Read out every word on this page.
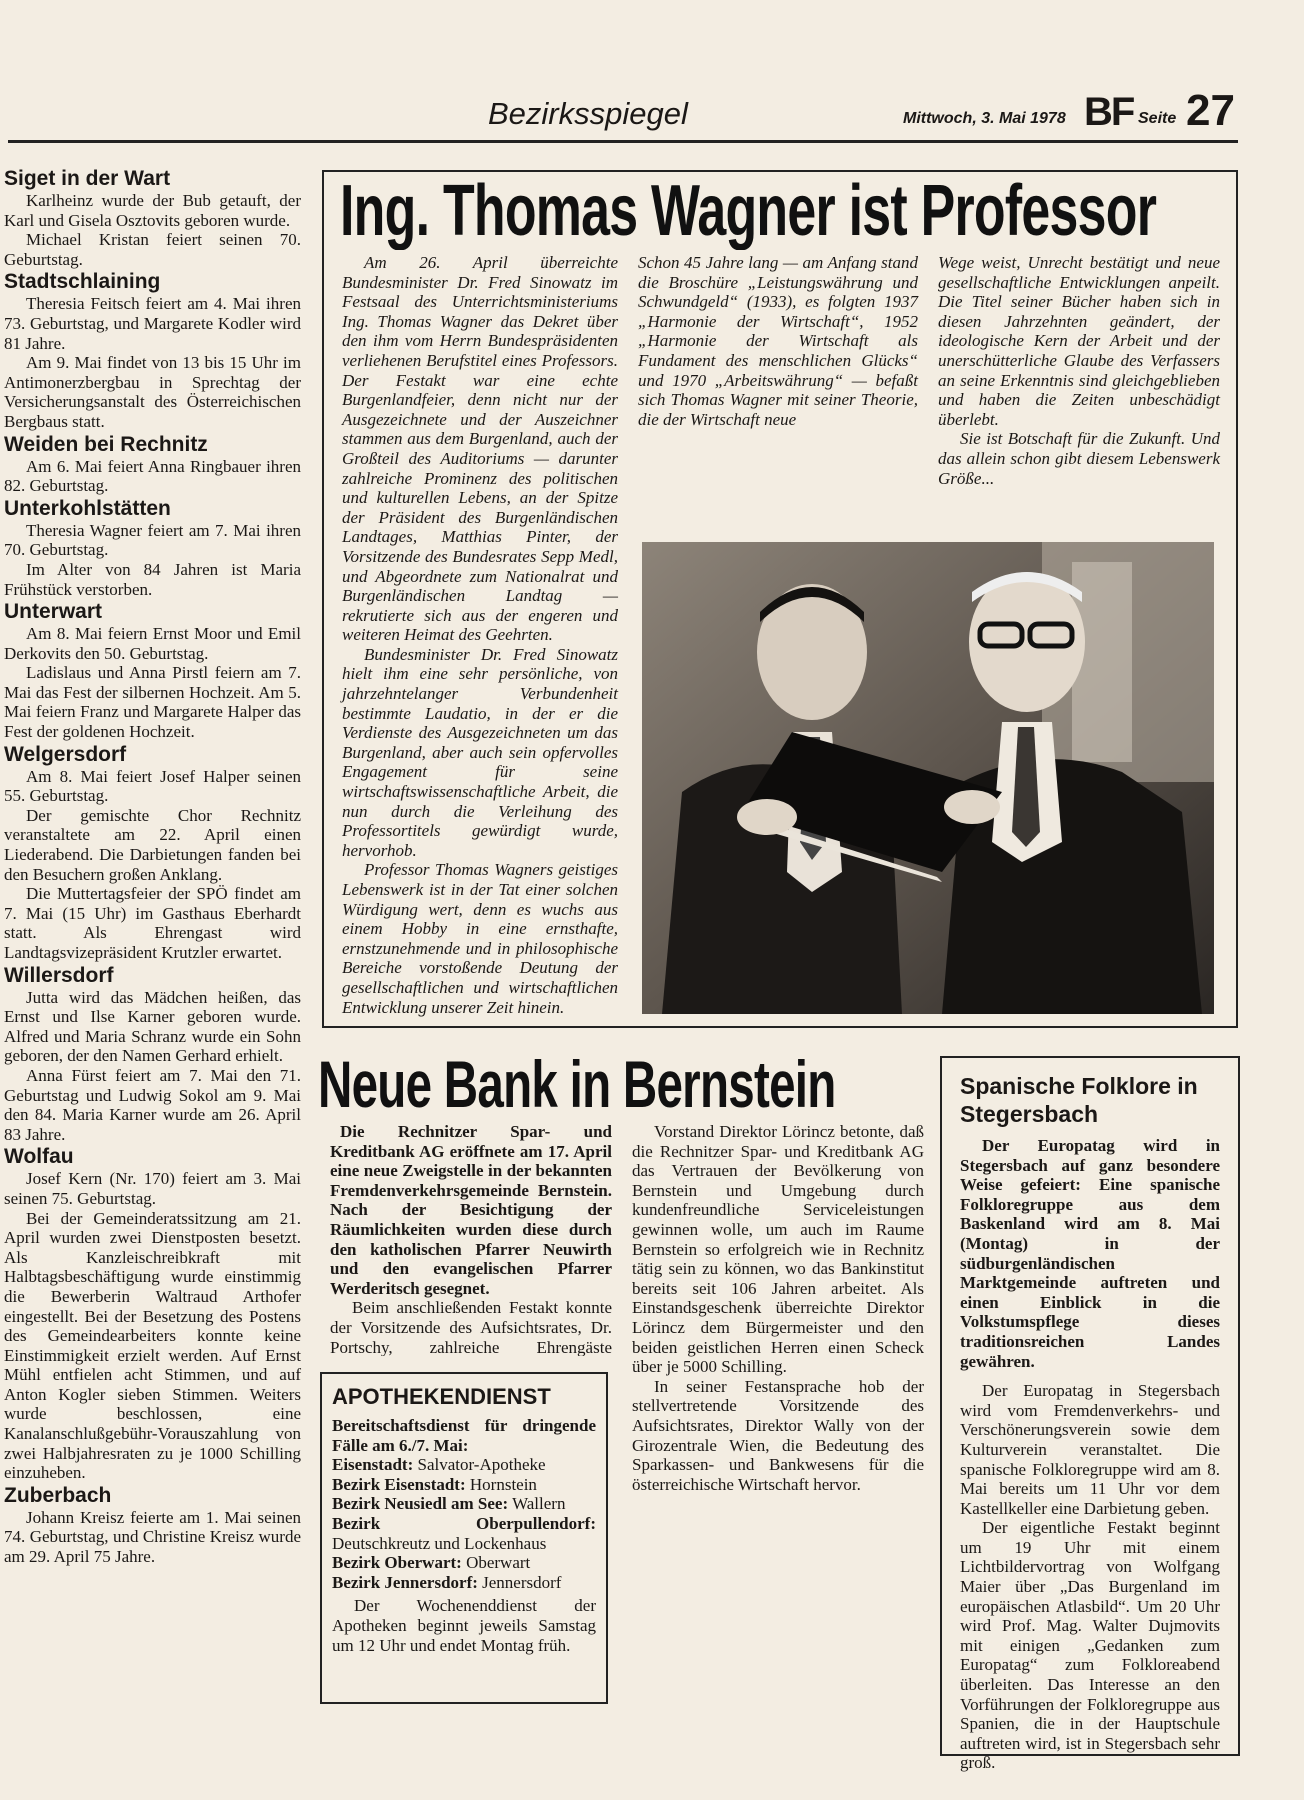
Bezirksspiegel	Mittwoch, 3. Mai 1978 BF Seite 27
Siget in der Wart

Karlheinz wurde der Bub getauft, der Karl und Gisela Osztovits geboren wurde.

Michael Kristan feiert seinen 70. Geburtstag.

Stadtschlaining

Theresia Feitsch feiert am 4. Mai ihren 73. Geburtstag, und Margarete Kodler wird 81 Jahre.

Am 9. Mai findet von 13 bis 15 Uhr im Antimonerzbergbau in Sprechtag der Versicherungsanstalt des Österreichischen Bergbaus statt.

Weiden bei Rechnitz

Am 6. Mai feiert Anna Ringbauer ihren 82. Geburtstag.

Unterkohlstätten

Theresia Wagner feiert am 7. Mai ihren 70. Geburtstag.

Im Alter von 84 Jahren ist Maria Frühstück verstorben.

Unterwart

Am 8. Mai feiern Ernst Moor und Emil Derkovits den 50. Geburtstag.

Ladislaus und Anna Pirstl feiern am 7. Mai das Fest der silbernen Hochzeit. Am 5. Mai feiern Franz und Margarete Halper das Fest der goldenen Hochzeit.

Welgersdorf

Am 8. Mai feiert Josef Halper seinen 55. Geburtstag.

Der gemischte Chor Rechnitz veranstaltete am 22. April einen Liederabend. Die Darbietungen fanden bei den Besuchern großen Anklang.

Die Muttertagsfeier der SPÖ findet am 7. Mai (15 Uhr) im Gasthaus Eberhardt statt. Als Ehrengast wird Landtagsvizepräsident Krutzler erwartet.

Willersdorf

Jutta wird das Mädchen heißen, das Ernst und Ilse Karner geboren wurde. Alfred und Maria Schranz wurde ein Sohn geboren, der den Namen Gerhard erhielt.

Anna Fürst feiert am 7. Mai den 71. Geburtstag und Ludwig Sokol am 9. Mai den 84. Maria Karner wurde am 26. April 83 Jahre.

Wolfau

Josef Kern (Nr. 170) feiert am 3. Mai seinen 75. Geburtstag.

Bei der Gemeinderatssitzung am 21. April wurden zwei Dienstposten besetzt. Als Kanzleischreibkraft mit Halbtagsbeschäftigung wurde einstimmig die Bewerberin Waltraud Arthofer eingestellt. Bei der Besetzung des Postens des Gemeindearbeiters konnte keine Einstimmigkeit erzielt werden. Auf Ernst Mühl entfielen acht Stimmen, und auf Anton Kogler sieben Stimmen. Weiters wurde beschlossen, eine Kanalanschlußgebühr-Vorauszahlung von zwei Halbjahresraten zu je 1000 Schilling einzuheben.

Zuberbach

Johann Kreisz feierte am 1. Mai seinen 74. Geburtstag, und Christine Kreisz wurde am 29. April 75 Jahre.

Ing. Thomas Wagner ist Professor

Am 26. April überreichte Bundesminister Dr. Fred Sinowatz im Festsaal des Unterrichtsministeriums Ing. Thomas Wagner das Dekret über den ihm vom Herrn Bundespräsidenten verliehenen Berufstitel eines Professors. Der Festakt war eine echte Burgenlandfeier, denn nicht nur der Ausgezeichnete und der Auszeichner stammen aus dem Burgenland, auch der Großteil des Auditoriums — darunter zahlreiche Prominenz des politischen und kulturellen Lebens, an der Spitze der Präsident des Burgenländischen Landtages, Matthias Pinter, der Vorsitzende des Bundesrates Sepp Medl, und Abgeordnete zum Nationalrat und Burgenländischen Landtag — rekrutierte sich aus der engeren und weiteren Heimat des Geehrten.

Bundesminister Dr. Fred Sinowatz hielt ihm eine sehr persönliche, von jahrzehntelanger Verbundenheit bestimmte Laudatio, in der er die Verdienste des Ausgezeichneten um das Burgenland, aber auch sein opfervolles Engagement für seine wirtschaftswissenschaftliche Arbeit, die nun durch die Verleihung des Professortitels gewürdigt wurde, hervorhob.

Professor Thomas Wagners geistiges Lebenswerk ist in der Tat einer solchen Würdigung wert, denn es wuchs aus einem Hobby in eine ernsthafte, ernstzunehmende und in philosophische Bereiche vorstoßende Deutung der gesellschaftlichen und wirtschaftlichen Entwicklung unserer Zeit hinein.

Schon 45 Jahre lang — am Anfang stand die Broschüre „Leistungswährung und Schwundgeld“ (1933), es folgten 1937 „Harmonie der Wirtschaft“, 1952 „Harmonie der Wirtschaft als Fundament des menschlichen Glücks“ und 1970 „Arbeitswährung“ — befaßt sich Thomas Wagner mit seiner Theorie, die der Wirtschaft neue

Wege weist, Unrecht bestätigt und neue gesellschaftliche Entwicklungen anpeilt. Die Titel seiner Bücher haben sich in diesen Jahrzehnten geändert, der ideologische Kern der Arbeit und der unerschütterliche Glaube des Verfassers an seine Erkenntnis sind gleichgeblieben und haben die Zeiten unbeschädigt überlebt.

Sie ist Botschaft für die Zukunft. Und das allein schon gibt diesem Lebenswerk Größe...

Neue Bank in Bernstein

Die Rechnitzer Spar- und Kreditbank AG eröffnete am 17. April eine neue Zweigstelle in der bekannten Fremdenverkehrsgemeinde Bernstein. Nach der Besichtigung der Räumlichkeiten wurden diese durch den katholischen Pfarrer Neuwirth und den evangelischen Pfarrer Werderitsch gesegnet.

Beim anschließenden Festakt konnte der Vorsitzende des Aufsichtsrates, Dr. Portschy, zahlreiche Ehrengäste

Vorstand Direktor Lörincz betonte, daß die Rechnitzer Spar- und Kreditbank AG das Vertrauen der Bevölkerung von Bernstein und Umgebung durch kundenfreundliche Serviceleistungen gewinnen wolle, um auch im Raume Bernstein so erfolgreich wie in Rechnitz tätig sein zu können, wo das Bankinstitut bereits seit 106 Jahren arbeitet. Als Einstandsgeschenk überreichte Direktor Lörincz dem Bürgermeister und den beiden geistlichen Herren einen Scheck über je 5000 Schilling.

In seiner Festansprache hob der stellvertretende Vorsitzende des Aufsichtsrates, Direktor Wally von der Girozentrale Wien, die Bedeutung des Sparkassen- und Bankwesens für die österreichische Wirtschaft hervor.

APOTHEKENDIENST

Bereitschaftsdienst für dringende Fälle am 6./7. Mai:

Eisenstadt: Salvator-Apotheke

Bezirk Eisenstadt: Hornstein

Bezirk Neusiedl am See: Wallern

Bezirk Oberpullendorf: Deutschkreutz und Lockenhaus

Bezirk Oberwart: Oberwart

Bezirk Jennersdorf: Jennersdorf

Der Wochenenddienst der Apotheken beginnt jeweils Samstag um 12 Uhr und endet Montag früh.

Spanische Folklore in Stegersbach

Der Europatag wird in Stegersbach auf ganz besondere Weise gefeiert: Eine spanische Folkloregruppe aus dem Baskenland wird am 8. Mai (Montag) in der südburgenländischen Marktgemeinde auftreten und einen Einblick in die Volkstumspflege dieses traditionsreichen Landes gewähren.

Der Europatag in Stegersbach wird vom Fremdenverkehrs- und Verschönerungsverein sowie dem Kulturverein veranstaltet. Die spanische Folkloregruppe wird am 8. Mai bereits um 11 Uhr vor dem Kastellkeller eine Darbietung geben.

Der eigentliche Festakt beginnt um 19 Uhr mit einem Lichtbildervortrag von Wolfgang Maier über „Das Burgenland im europäischen Atlasbild“. Um 20 Uhr wird Prof. Mag. Walter Dujmovits mit einigen „Gedanken zum Europatag“ zum Folkloreabend überleiten. Das Interesse an den Vorführungen der Folkloregruppe aus Spanien, die in der Hauptschule auftreten wird, ist in Stegersbach sehr groß.
